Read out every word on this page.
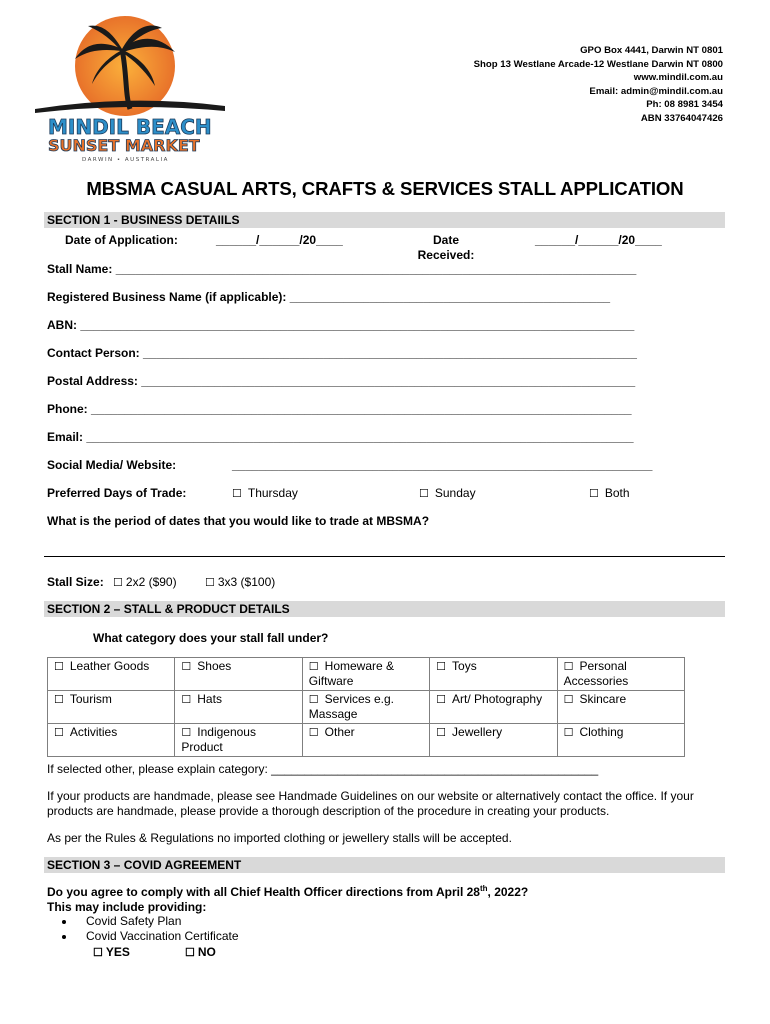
MINDIL BEACH
SUNSET MARKET
DARWIN • AUSTRALIA
GPO Box 4441, Darwin NT 0801
Shop 13 Westlane Arcade-12 Westlane Darwin NT 0800
www.mindil.com.au
Email: admin@mindil.com.au
Ph: 08 8981 3454
ABN 33764047426
MBSMA CASUAL ARTS, CRAFTS & SERVICES STALL APPLICATION
SECTION 1 - BUSINESS DETAIILS
Date of Application:	______/______/20____	Date
Received:
______/______/20____
Stall Name: ______________________________________________________________________________
Registered Business Name (if applicable): ________________________________________________
ABN: ___________________________________________________________________________________
Contact Person: __________________________________________________________________________
Postal Address: __________________________________________________________________________
Phone: _________________________________________________________________________________
Email: __________________________________________________________________________________
Social Media/ Website:	_______________________________________________________________
Preferred Days of Trade:	☐ Thursday	☐ Sunday	☐ Both
What is the period of dates that you would like to trade at MBSMA?
Stall Size: ☐ 2x2 ($90)	☐ 3x3 ($100)
SECTION 2 – STALL & PRODUCT DETAILS
What category does your stall fall under?
☐ Leather Goods	☐ Shoes	☐ Homeware & Giftware	☐ Toys	☐ Personal Accessories
☐ Tourism	☐ Hats	☐ Services e.g. Massage	☐ Art/ Photography	☐ Skincare
☐ Activities	☐ Indigenous Product	☐ Other	☐ Jewellery	☐ Clothing
If selected other, please explain category: _________________________________________________
If your products are handmade, please see Handmade Guidelines on our website or alternatively contact the office. If your products are handmade, please provide a thorough description of the procedure in creating your products.
As per the Rules & Regulations no imported clothing or jewellery stalls will be accepted.
SECTION 3 – COVID AGREEMENT
Do you agree to comply with all Chief Health Officer directions from April 28th, 2022?
This may include providing:
• Covid Safety Plan
• Covid Vaccination Certificate
☐ YES	☐ NO
